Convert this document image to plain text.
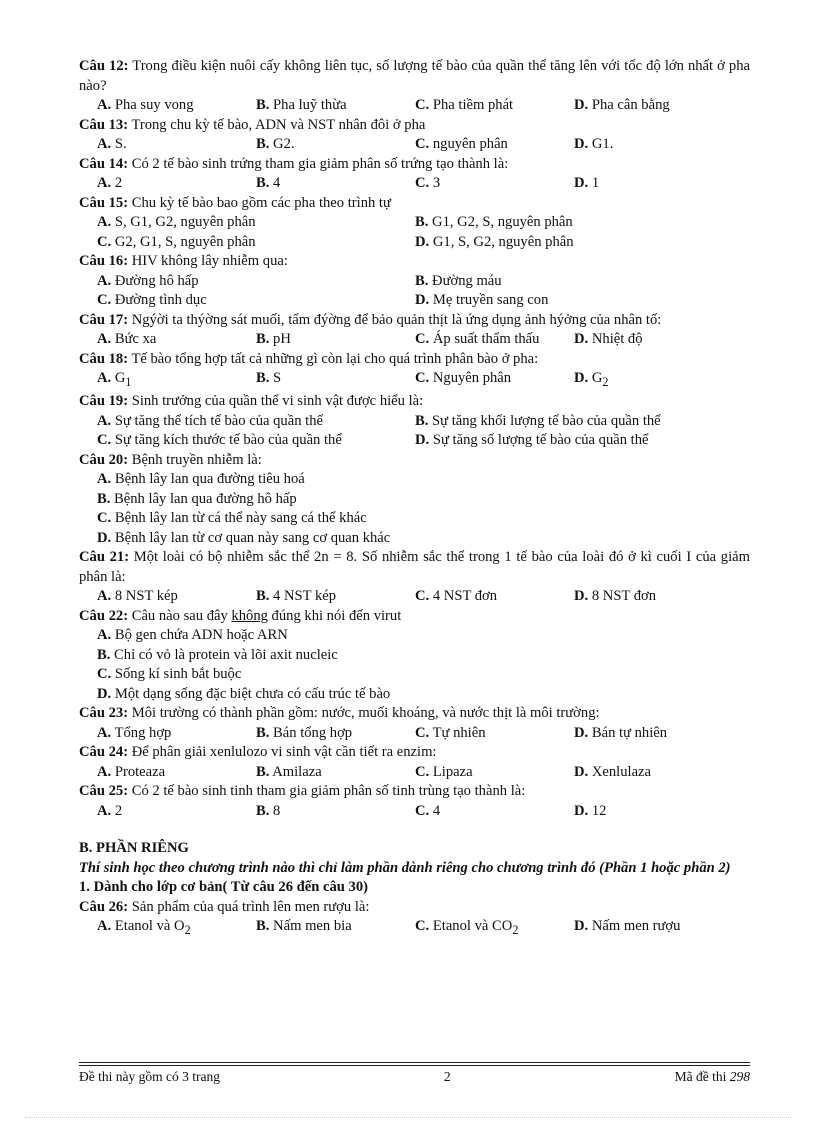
Câu 12: Trong điều kiện nuôi cấy không liên tục, số lượng tế bào của quần thể tăng lên với tốc độ lớn nhất ở pha nào?
A. Pha suy vong	B. Pha luỹ thừa	C. Pha tiềm phát	D. Pha cân bằng
Câu 13: Trong chu kỳ tế bào, ADN và NST nhân đôi ở pha
A. S.	B. G2.	C. nguyên phân	D. G1.
Câu 14: Có 2 tế bào sinh trứng tham gia giảm phân số trứng tạo thành là:
A. 2	B. 4	C. 3	D. 1
Câu 15: Chu kỳ tế bào bao gồm các pha theo trình tự
A. S, G1, G2, nguyên phân	B. G1, G2, S, nguyên phân
C. G2, G1, S, nguyên phân	D. G1, S, G2, nguyên phân
Câu 16: HIV không lây nhiễm qua:
A. Đường hô hấp	B. Đường máu
C. Đường tình dục	D. Mẹ truyền sang con
Câu 17: Ngýời ta thýờng sát muối, tẩm đýờng để bảo quản thịt là ứng dụng ảnh hýởng của nhân tố:
A. Bức xa	B. pH	C. Áp suất thẩm thấu	D. Nhiệt độ
Câu 18: Tế bào tổng hợp tất cả những gì còn lại cho quá trình phân bào ở pha:
A. $G_1$	B. S	C. Nguyên phân	D. $G_2$
Câu 19: Sinh trưởng của quần thể vi sinh vật được hiểu là:
A. Sự tăng thể tích tế bào của quần thể	B. Sự tăng khối lượng tế bào của quần thể
C. Sự tăng kích thước tế bào của quần thể	D. Sự tăng số lượng tế bào của quần thể
Câu 20: Bệnh truyền nhiễm là:
A. Bệnh lây lan qua đường tiêu hoá
B. Bệnh lây lan qua đường hô hấp
C. Bệnh lây lan từ cá thể này sang cá thể khác
D. Bệnh lây lan từ cơ quan này sang cơ quan khác
Câu 21: Một loài có bộ nhiễm sắc thể 2n = 8. Số nhiễm sắc thể trong 1 tế bào của loài đó ở kì cuối I của giảm phân là:
A. 8 NST kép	B. 4 NST kép	C. 4 NST đơn	D. 8 NST đơn
Câu 22: Câu nào sau đây không đúng khi nói đến virut
A. Bộ gen chứa ADN hoặc ARN
B. Chỉ có vỏ là protein và lõi axit nucleic
C. Sống kí sinh bắt buộc
D. Một dạng sống đặc biệt chưa có cấu trúc tế bào
Câu 23: Môi trường có thành phần gồm: nước, muối khoáng, và nước thịt là môi trường:
A. Tổng hợp	B. Bán tổng hợp	C. Tự nhiên	D. Bán tự nhiên
Câu 24: Để phân giải xenlulozo vi sinh vật cần tiết ra enzim:
A. Proteaza	B. Amilaza	C. Lipaza	D. Xenlulaza
Câu 25: Có 2 tế bào sinh tinh tham gia giảm phân số tinh trùng tạo thành là:
A. 2	B. 8	C. 4	D. 12
B. PHẦN RIÊNG
Thí sinh học theo chương trình nào thì chỉ làm phần dành riêng cho chương trình đó (Phần 1 hoặc phần 2)
1. Dành cho lớp cơ bản( Từ câu 26 đến câu 30)
Câu 26: Sản phẩm của quá trình lên men rượu là:
A. Etanol và $O_2$	B. Nấm men bia	C. Etanol và $CO_2$	D. Nấm men rượu
Đề thi này gồm có 3 trang	2	Mã đề thi 298
